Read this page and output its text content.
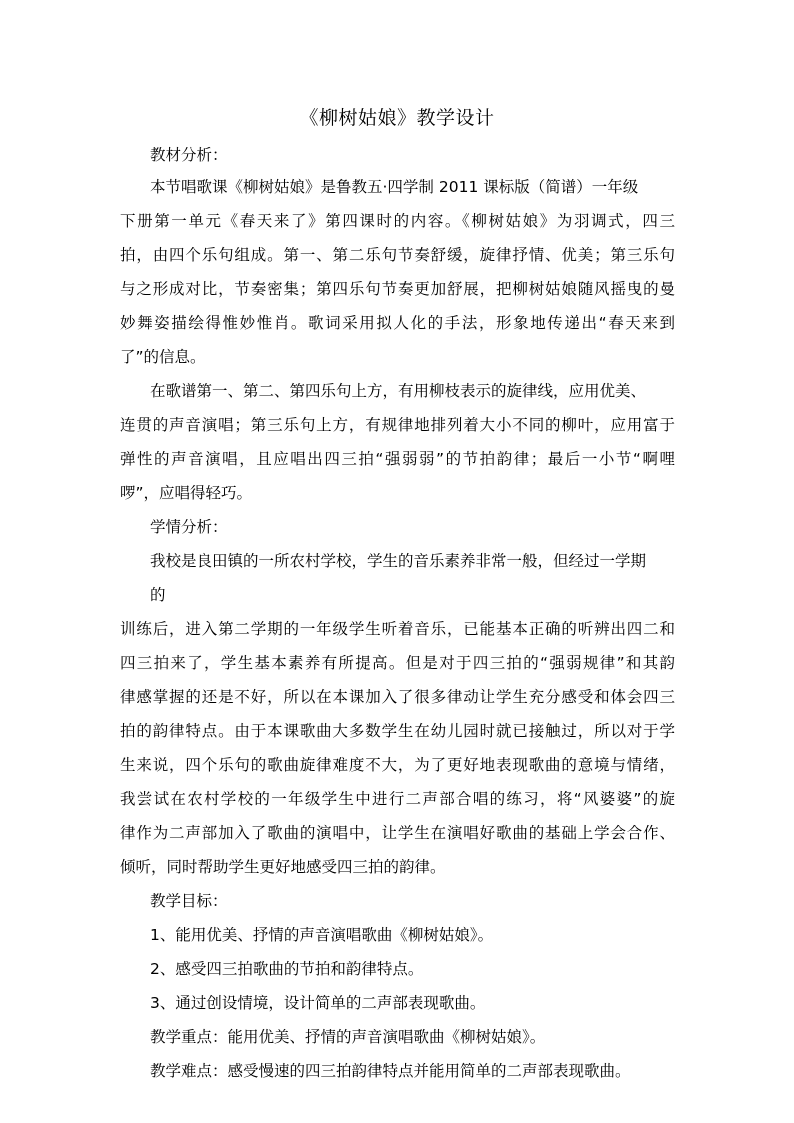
《柳树姑娘》教学设计
教材分析：
本节唱歌课《柳树姑娘》是鲁教五·四学制 2011 课标版（简谱）一年级
下册第一单元《春天来了》第四课时的内容。《柳树姑娘》为羽调式，四三
拍，由四个乐句组成。第一、第二乐句节奏舒缓，旋律抒情、优美；第三乐句
与之形成对比，节奏密集；第四乐句节奏更加舒展，把柳树姑娘随风摇曳的曼
妙舞姿描绘得惟妙惟肖。歌词采用拟人化的手法，形象地传递出“春天来到
了”的信息。
在歌谱第一、第二、第四乐句上方，有用柳枝表示的旋律线，应用优美、
连贯的声音演唱；第三乐句上方，有规律地排列着大小不同的柳叶，应用富于
弹性的声音演唱，且应唱出四三拍“强弱弱”的节拍韵律；最后一小节“啊哩
啰”，应唱得轻巧。
学情分析：
我校是良田镇的一所农村学校，学生的音乐素养非常一般，但经过一学期
的
训练后，进入第二学期的一年级学生听着音乐，已能基本正确的听辨出四二和
四三拍来了，学生基本素养有所提高。但是对于四三拍的“强弱规律”和其韵
律感掌握的还是不好，所以在本课加入了很多律动让学生充分感受和体会四三
拍的韵律特点。由于本课歌曲大多数学生在幼儿园时就已接触过，所以对于学
生来说，四个乐句的歌曲旋律难度不大，为了更好地表现歌曲的意境与情绪，
我尝试在农村学校的一年级学生中进行二声部合唱的练习，将“风婆婆”的旋
律作为二声部加入了歌曲的演唱中，让学生在演唱好歌曲的基础上学会合作、
倾听，同时帮助学生更好地感受四三拍的韵律。
教学目标：
1、能用优美、抒情的声音演唱歌曲《柳树姑娘》。
2、感受四三拍歌曲的节拍和韵律特点。
3、通过创设情境，设计简单的二声部表现歌曲。
教学重点：能用优美、抒情的声音演唱歌曲《柳树姑娘》。
教学难点：感受慢速的四三拍韵律特点并能用简单的二声部表现歌曲。
